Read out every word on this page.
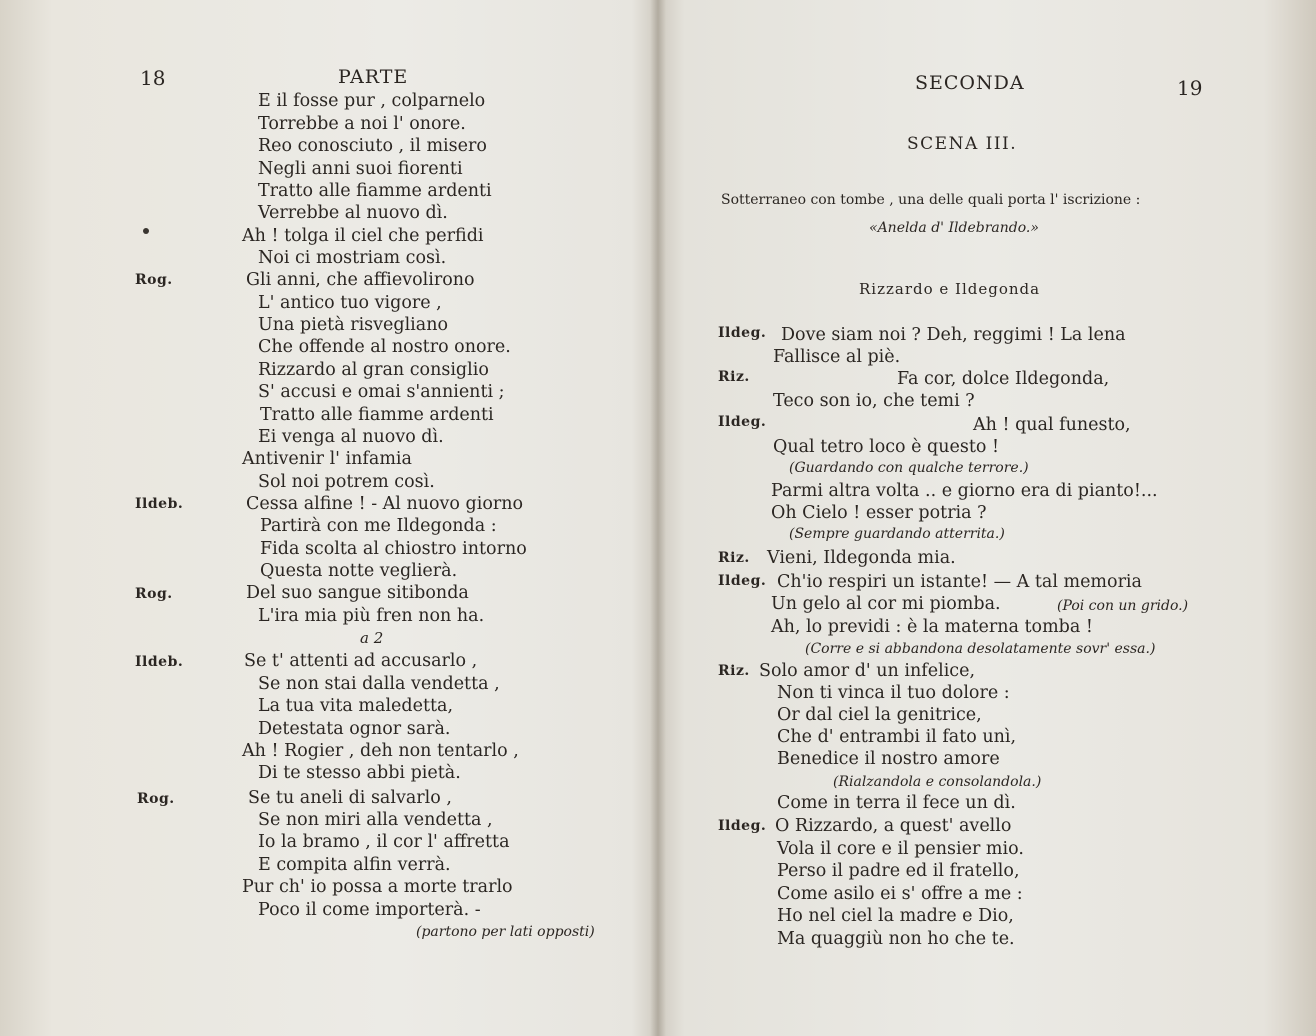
18	PARTE
E il fosse pur , colparnelo
Torrebbe a noi l' onore.
Reo conosciuto , il misero
Negli anni suoi fiorenti
Tratto alle fiamme ardenti
Verrebbe al nuovo dì.
Ah ! tolga il ciel che perfidi
Noi ci mostriam così.
Rog.	Gli anni, che affievolirono
L' antico tuo vigore ,
Una pietà risvegliano
Che offende al nostro onore.
Rizzardo al gran consiglio
S' accusi e omai s'annienti ;
Tratto alle fiamme ardenti
Ei venga al nuovo dì.
Antivenir l' infamia
Sol noi potrem così.
Ildeb.	Cessa alfine ! - Al nuovo giorno
Partirà con me Ildegonda :
Fida scolta al chiostro intorno
Questa notte veglierà.
Rog.	Del suo sangue sitibonda
L'ira mia più fren non ha.
a 2
Ildeb.	Se t' attenti ad accusarlo ,
Se non stai dalla vendetta ,
La tua vita maledetta,
Detestata ognor sarà.
Ah ! Rogier , deh non tentarlo ,
Di te stesso abbi pietà.
Rog.	Se tu aneli di salvarlo ,
Se non miri alla vendetta ,
Io la bramo , il cor l' affretta
E compita alfin verrà.
Pur ch' io possa a morte trarlo
Poco il come importerà. -
(partono per lati opposti)
SECONDA	19
SCENA III.
Sotterraneo con tombe , una delle quali porta l' iscrizione :
«Anelda d' Ildebrando.»
Rizzardo e Ildegonda
Ildeg. Dove siam noi ? Deh, reggimi ! La lena
Fallisce al piè.
Riz.	Fa cor, dolce Ildegonda,
Teco son io, che temi ?
Ildeg.	Ah ! qual funesto,
Qual tetro loco è questo !
(Guardando con qualche terrore.)
Parmi altra volta .. e giorno era di pianto!...
Oh Cielo ! esser potria ?
(Sempre guardando atterrita.)
Riz. Vieni, Ildegonda mia.
Ildeg. Ch'io respiri un istante! — A tal memoria
Un gelo al cor mi piomba.	(Poi con un grido.)
Ah, lo previdi : è la materna tomba !
(Corre e si abbandona desolatamente sovr' essa.)
Riz. Solo amor d' un infelice,
Non ti vinca il tuo dolore :
Or dal ciel la genitrice,
Che d' entrambi il fato unì,
Benedice il nostro amore
(Rialzandola e consolandola.)
Come in terra il fece un dì.
Ildeg. O Rizzardo, a quest' avello
Vola il core e il pensier mio.
Perso il padre ed il fratello,
Come asilo ei s' offre a me :
Ho nel ciel la madre e Dio,
Ma quaggiù non ho che te.
